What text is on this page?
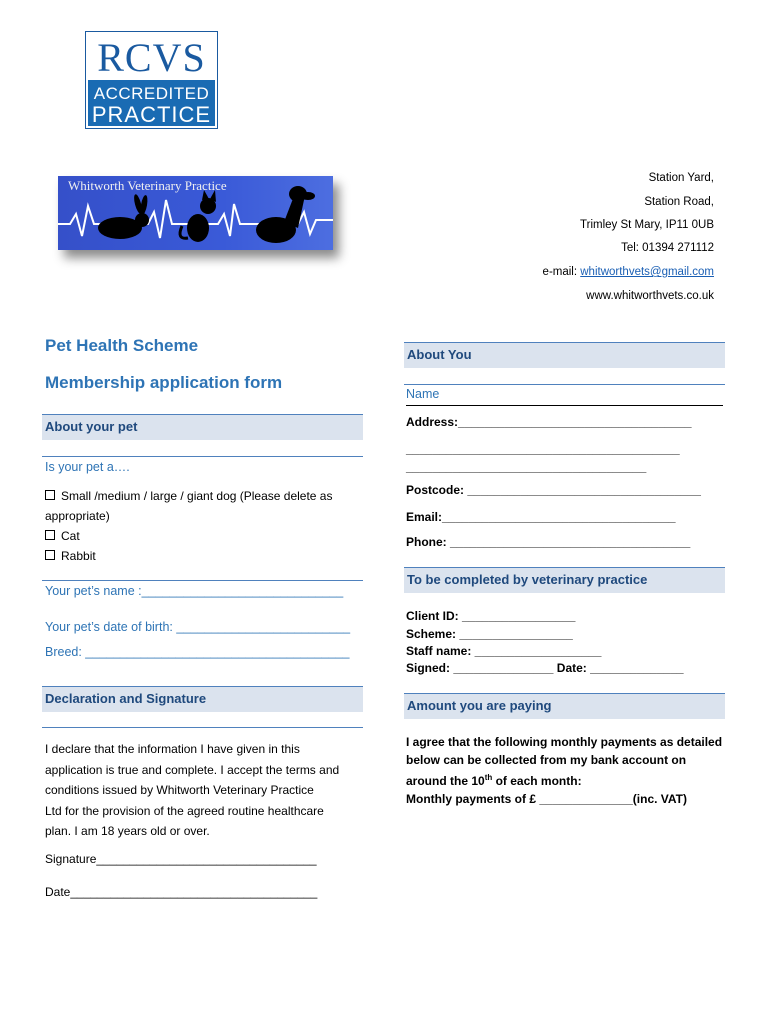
RCVS
ACCREDITED
PRACTICE
Whitworth Veterinary Practice	Station Yard,
Station Road,
Trimley St Mary, IP11 0UB
Tel: 01394 271112
e-mail: whitworthvets@gmail.com
www.whitworthvets.co.uk
Pet Health Scheme
Membership application form
About your pet
Is your pet a….
Small /medium / large / giant dog (Please delete as
appropriate)
Cat
Rabbit
Your pet’s name :_____________________________
Your pet’s date of birth: _________________________
Breed: ______________________________________
Declaration and Signature
I declare that the information I have given in this
application is true and complete. I accept the terms and
conditions issued by Whitworth Veterinary Practice
Ltd for the provision of the agreed routine healthcare
plan. I am 18 years old or over.
Signature_________________________________
Date_____________________________________
About You
Name
Address:___________________________________
_________________________________________
____________________________________
Postcode: ___________________________________
Email:___________________________________
Phone: ____________________________________
To be completed by veterinary practice
Client ID: _________________
Scheme: _________________
Staff name: ___________________
Signed: _______________ Date: ______________
Amount you are paying
I agree that the following monthly payments as detailed
below can be collected from my bank account on
around the 10th of each month:
Monthly payments of £ ______________(inc. VAT)
